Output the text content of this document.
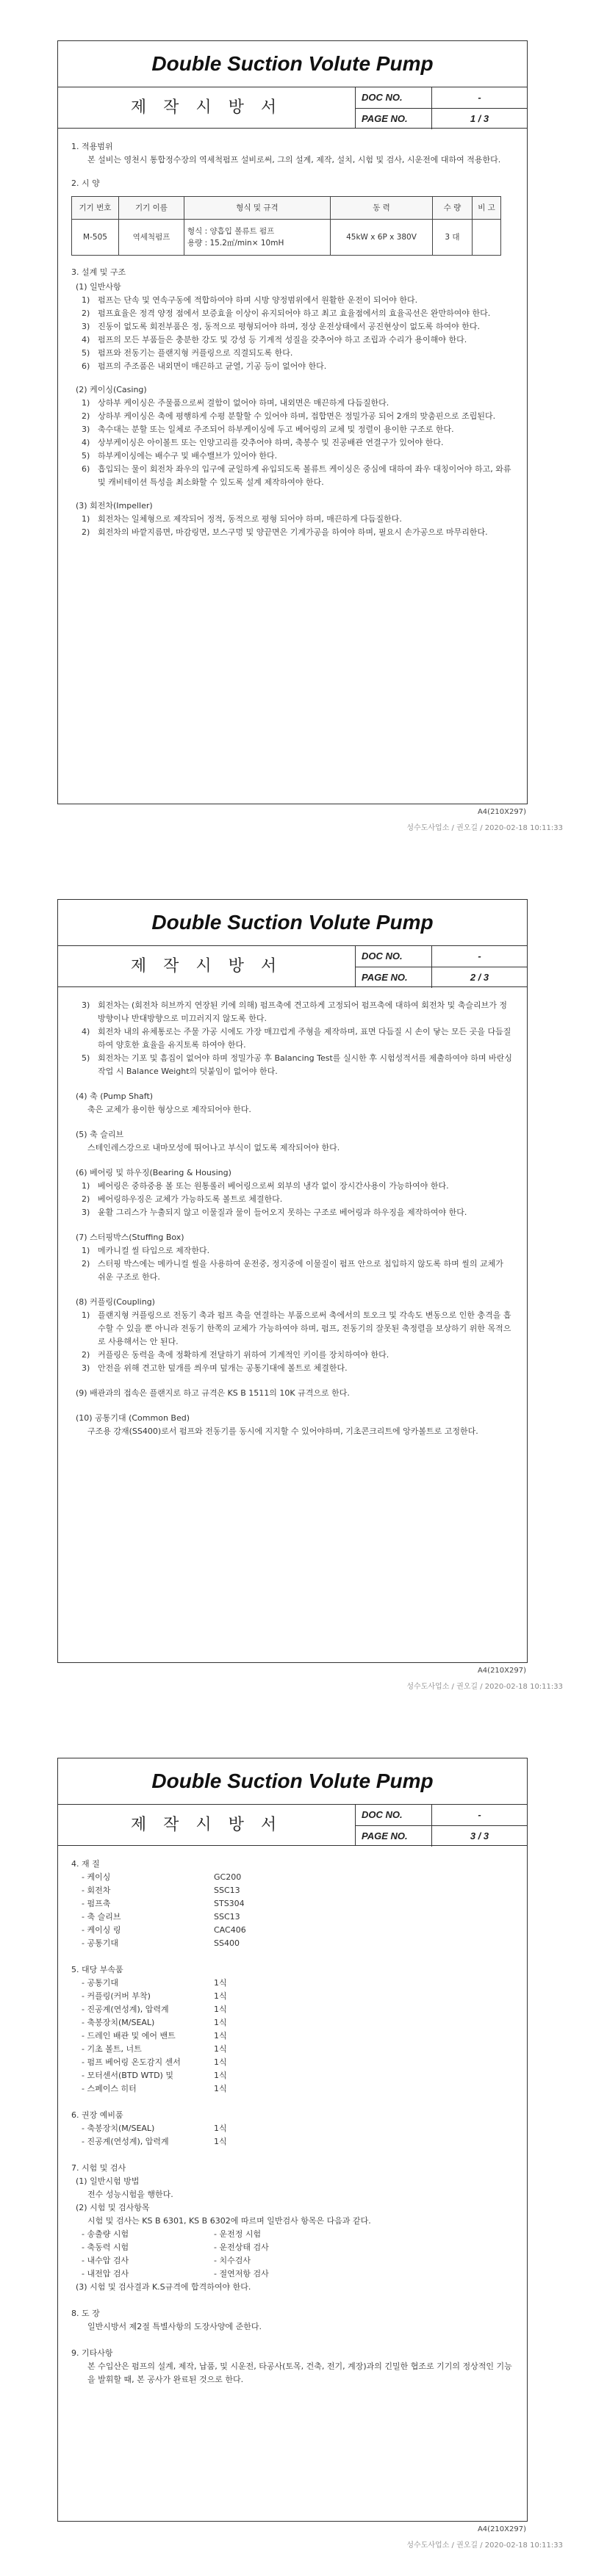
Double Suction Volute Pump
제 작 시 방 서
DOC NO.	-
PAGE NO.	1 / 3
1. 적용범위
본 설비는 영천시 통합정수장의 역세척펌프 설비로써, 그의 설계, 제작, 설치, 시험 및 검사, 시운전에 대하여 적용한다.
2. 시 양
기기 번호	기기 이름	형식 및 규격	동 력	수 량	비 고
M-505	역세척펌프	형식 : 양흡입 볼류트 펌프
용량 : 15.2㎥/min× 10mH	45kW x 6P x 380V	3 대	
3. 설계 및 구조
(1) 일반사항
1) 펌프는 단속 및 연속구동에 적합하여야 하며 시방 양정범위에서 원활한 운전이 되어야 한다.
2) 펌프효율은 정격 양정 점에서 보증효율 이상이 유지되어야 하고 최고 효율점에서의 효율곡선은 완만하여야 한다.
3) 진동이 없도록 회전부품은 정, 동적으로 평형되어야 하며, 정상 운전상태에서 공진현상이 없도록 하여야 한다.
4) 펌프의 모든 부품들은 충분한 강도 및 강성 등 기계적 성질을 갖추어야 하고 조립과 수리가 용이해야 한다.
5) 펌프와 전동기는 플랜지형 커플링으로 직결되도록 한다.
6) 펌프의 주조품은 내외면이 매끈하고 균열, 기공 등이 없어야 한다.
(2) 케이싱(Casing)
1) 상하부 케이싱은 주물품으로써 결함이 없어야 하며, 내외면은 매끈하게 다듬질한다.
2) 상하부 케이싱은 축에 평행하게 수평 분할할 수 있어야 하며, 접합면은 정밀가공 되어 2개의 맞춤핀으로 조립된다.
3) 축수대는 분할 또는 일체로 주조되어 하부케이싱에 두고 베어링의 교체 및 정렬이 용이한 구조로 한다.
4) 상부케이싱은 아이볼트 또는 인양고리를 갖추어야 하며, 축봉수 및 진공배관 연결구가 있어야 한다.
5) 하부케이싱에는 배수구 및 배수밸브가 있어야 한다.
6) 흡입되는 물이 회전차 좌우의 입구에 균일하게 유입되도록 볼류트 케이싱은 중심에 대하여 좌우 대칭이어야 하고, 와류 및 캐비테이션 특성을 최소화할 수 있도록 설계 제작하여야 한다.
(3) 회전차(Impeller)
1) 회전차는 일체형으로 제작되어 정적, 동적으로 평형 되어야 하며, 매끈하게 다듬질한다.
2) 회전차의 바깥지름면, 마감링면, 보스구멍 및 양끝면은 기계가공을 하여야 하며, 필요시 손가공으로 마무리한다.
A4(210X297)
성수도사업소 / 권오길 / 2020-02-18 10:11:33
Double Suction Volute Pump
제 작 시 방 서
DOC NO.	-
PAGE NO.	2 / 3
3) 회전차는 (회전차 허브까지 연장된 키에 의해) 펌프축에 견고하게 고정되어 펌프축에 대하여 회전차 및 축슬리브가 정방향이나 반대방향으로 미끄러지지 않도록 한다.
4) 회전차 내의 유체통로는 주물 가공 시에도 가장 매끄럽게 주형을 제작하며, 표면 다듬질 시 손이 닿는 모든 곳을 다듬질하여 양호한 효율을 유지토록 하여야 한다.
5) 회전차는 기포 및 흠집이 없어야 하며 정밀가공 후 Balancing Test를 실시한 후 시험성적서를 제출하여야 하며 바란싱 작업 시 Balance Weight의 덧붙임이 없어야 한다.
(4) 축 (Pump Shaft)
축은 교체가 용이한 형상으로 제작되어야 한다.
(5) 축 슬리브
스테인레스강으로 내마모성에 뛰어나고 부식이 없도록 제작되어야 한다.
(6) 베어링 및 하우징(Bearing & Housing)
1) 베어링은 중하중용 볼 또는 원통롤러 베어링으로써 외부의 냉각 없이 장시간사용이 가능하여야 한다.
2) 베어링하우징은 교체가 가능하도록 볼트로 체결한다.
3) 윤활 그리스가 누출되지 않고 이물질과 물이 들어오지 못하는 구조로 베어링과 하우징을 제작하여야 한다.
(7) 스터핑박스(Stuffing Box)
1) 메카니컬 씰 타입으로 제작한다.
2) 스터핑 박스에는 메카니컬 씰을 사용하여 운전중, 정지중에 이물질이 펌프 안으로 침입하지 않도록 하며 씰의 교체가 쉬운 구조로 한다.
(8) 커플링(Coupling)
1) 플랜지형 커플링으로 전동기 축과 펌프 축을 연결하는 부품으로써 축에서의 토오크 및 각속도 변동으로 인한 충격을 흡수할 수 있을 뿐 아니라 전동기 한쪽의 교체가 가능하여야 하며, 펌프, 전동기의 잘못된 축정렬을 보상하기 위한 목적으로 사용해서는 안 된다.
2) 커플링은 동력을 축에 정확하게 전달하기 위하여 기계적인 키이를 장치하여야 한다.
3) 안전을 위해 견고한 덮개를 씌우며 덮개는 공통기대에 볼트로 체결한다.
(9) 배관과의 접속은 플랜지로 하고 규격은 KS B 1511의 10K 규격으로 한다.
(10) 공통기대 (Common Bed)
구조용 강재(SS400)로서 펌프와 전동기를 동시에 지지할 수 있어야하며, 기초콘크리트에 앙카볼트로 고정한다.
A4(210X297)
성수도사업소 / 권오길 / 2020-02-18 10:11:33
Double Suction Volute Pump
제 작 시 방 서
DOC NO.	-
PAGE NO.	3 / 3
4. 재 질
- 케이싱	GC200
- 회전차	SSC13
- 펌프축	STS304
- 축 슬리브	SSC13
- 케이싱 링	CAC406
- 공통기대	SS400
5. 대당 부속품
- 공통기대	1식
- 커플링(커버 부착)	1식
- 진공계(연성계), 압력계	1식
- 축봉장치(M/SEAL)	1식
- 드레인 배관 및 에어 밴트	1식
- 기초 볼트, 너트	1식
- 펌프 베어링 온도감지 센서	1식
- 모터센서(BTD WTD) 및	1식
- 스페이스 히터	1식
6. 권장 예비품
- 축봉장치(M/SEAL)	1식
- 진공계(연성계), 압력계	1식
7. 시험 및 검사
(1) 일반시험 방법
전수 성능시험을 행한다.
(2) 시험 및 검사항목
시험 및 검사는 KS B 6301, KS B 6302에 따르며 일반검사 항목은 다음과 같다.
- 송출량 시험	- 운전정 시험
- 축동력 시험	- 운전상태 검사
- 내수압 검사	- 치수검사
- 내전압 검사	- 절연저항 검사
(3) 시험 및 검사결과 K.S규격에 합격하여야 한다.
8. 도 장
일반시방서 제2절 특별사항의 도장사양에 준한다.
9. 기타사항
본 수입산은 펌프의 설계, 제작, 납품, 및 시운전, 타공사(토목, 건축, 전기, 계장)과의 긴밀한 협조로 기기의 정상적인 기능을 발휘할 때, 본 공사가 완료된 것으로 한다.
A4(210X297)
성수도사업소 / 권오길 / 2020-02-18 10:11:33
